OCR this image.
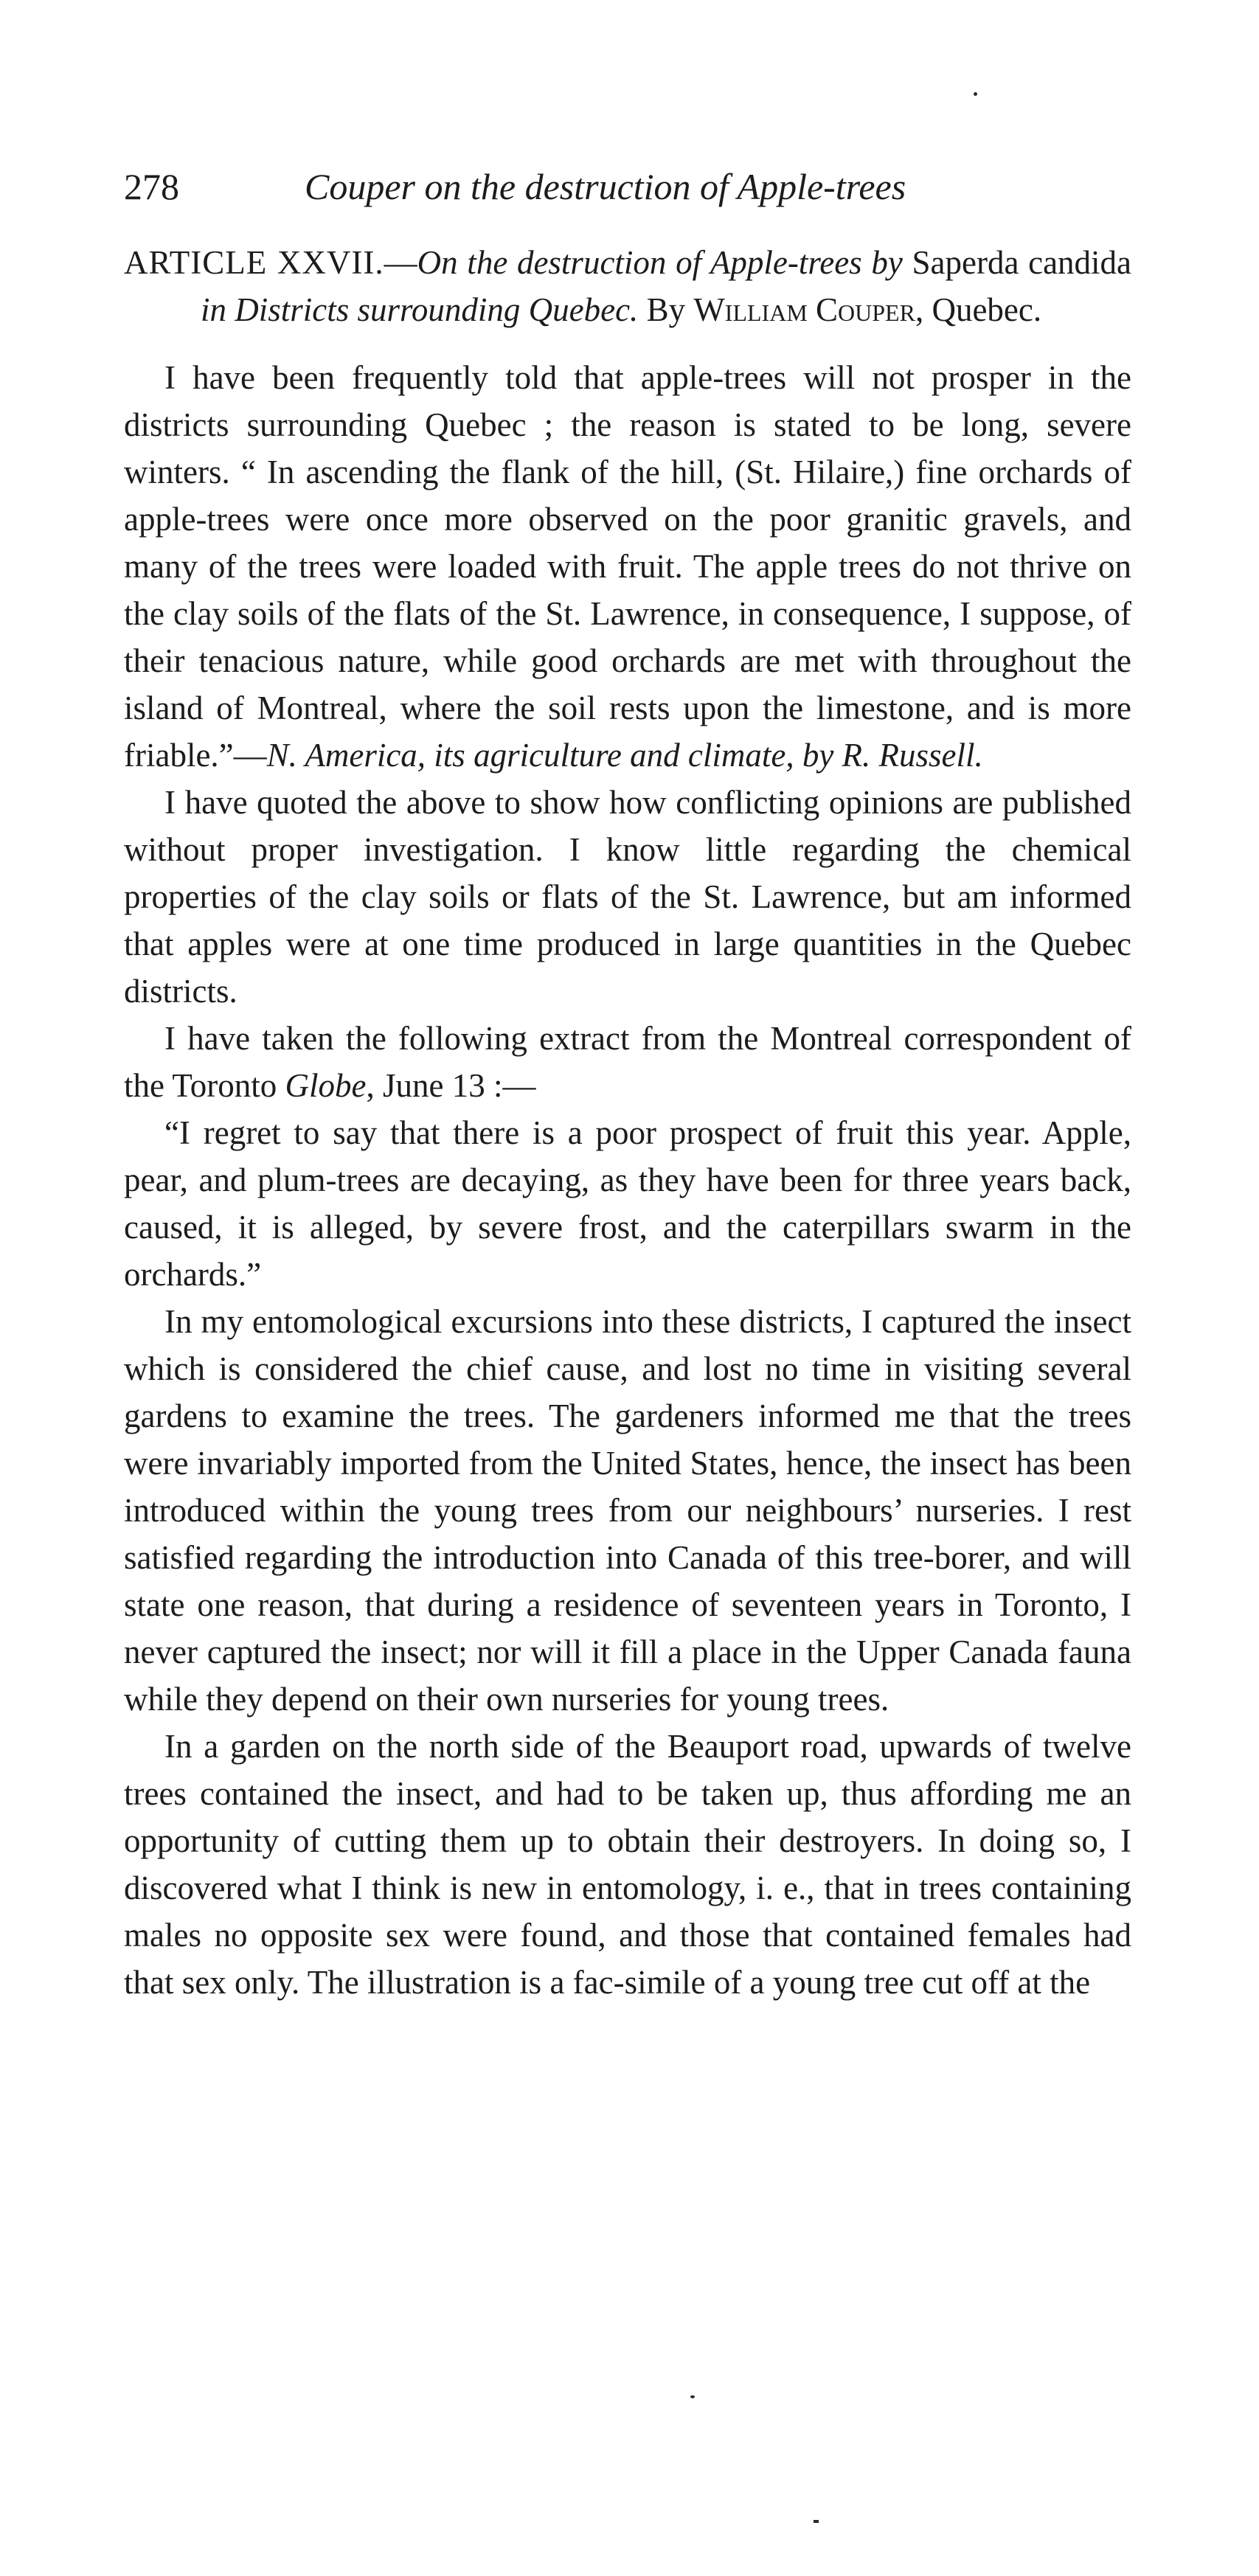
278	Couper on the destruction of Apple-trees
ARTICLE XXVII.—On the destruction of Apple-trees by Saperda candida in Districts surrounding Quebec. By William Couper, Quebec.

I have been frequently told that apple-trees will not prosper in the districts surrounding Quebec ; the reason is stated to be long, severe winters. “ In ascending the flank of the hill, (St. Hilaire,) fine orchards of apple-trees were once more observed on the poor granitic gravels, and many of the trees were loaded with fruit. The apple trees do not thrive on the clay soils of the flats of the St. Lawrence, in consequence, I suppose, of their tenacious nature, while good orchards are met with throughout the island of Montreal, where the soil rests upon the limestone, and is more friable.”—N. America, its agriculture and climate, by R. Russell.

I have quoted the above to show how conflicting opinions are published without proper investigation. I know little regarding the chemical properties of the clay soils or flats of the St. Lawrence, but am informed that apples were at one time produced in large quantities in the Quebec districts.

I have taken the following extract from the Montreal correspondent of the Toronto Globe, June 13 :—

“I regret to say that there is a poor prospect of fruit this year. Apple, pear, and plum-trees are decaying, as they have been for three years back, caused, it is alleged, by severe frost, and the caterpillars swarm in the orchards.”

In my entomological excursions into these districts, I captured the insect which is considered the chief cause, and lost no time in visiting several gardens to examine the trees. The gardeners informed me that the trees were invariably imported from the United States, hence, the insect has been introduced within the young trees from our neighbours’ nurseries. I rest satisfied regarding the introduction into Canada of this tree-borer, and will state one reason, that during a residence of seventeen years in Toronto, I never captured the insect; nor will it fill a place in the Upper Canada fauna while they depend on their own nurseries for young trees.

In a garden on the north side of the Beauport road, upwards of twelve trees contained the insect, and had to be taken up, thus affording me an opportunity of cutting them up to obtain their destroyers. In doing so, I discovered what I think is new in entomology, i. e., that in trees containing males no opposite sex were found, and those that contained females had that sex only. The illustration is a fac-simile of a young tree cut off at the
